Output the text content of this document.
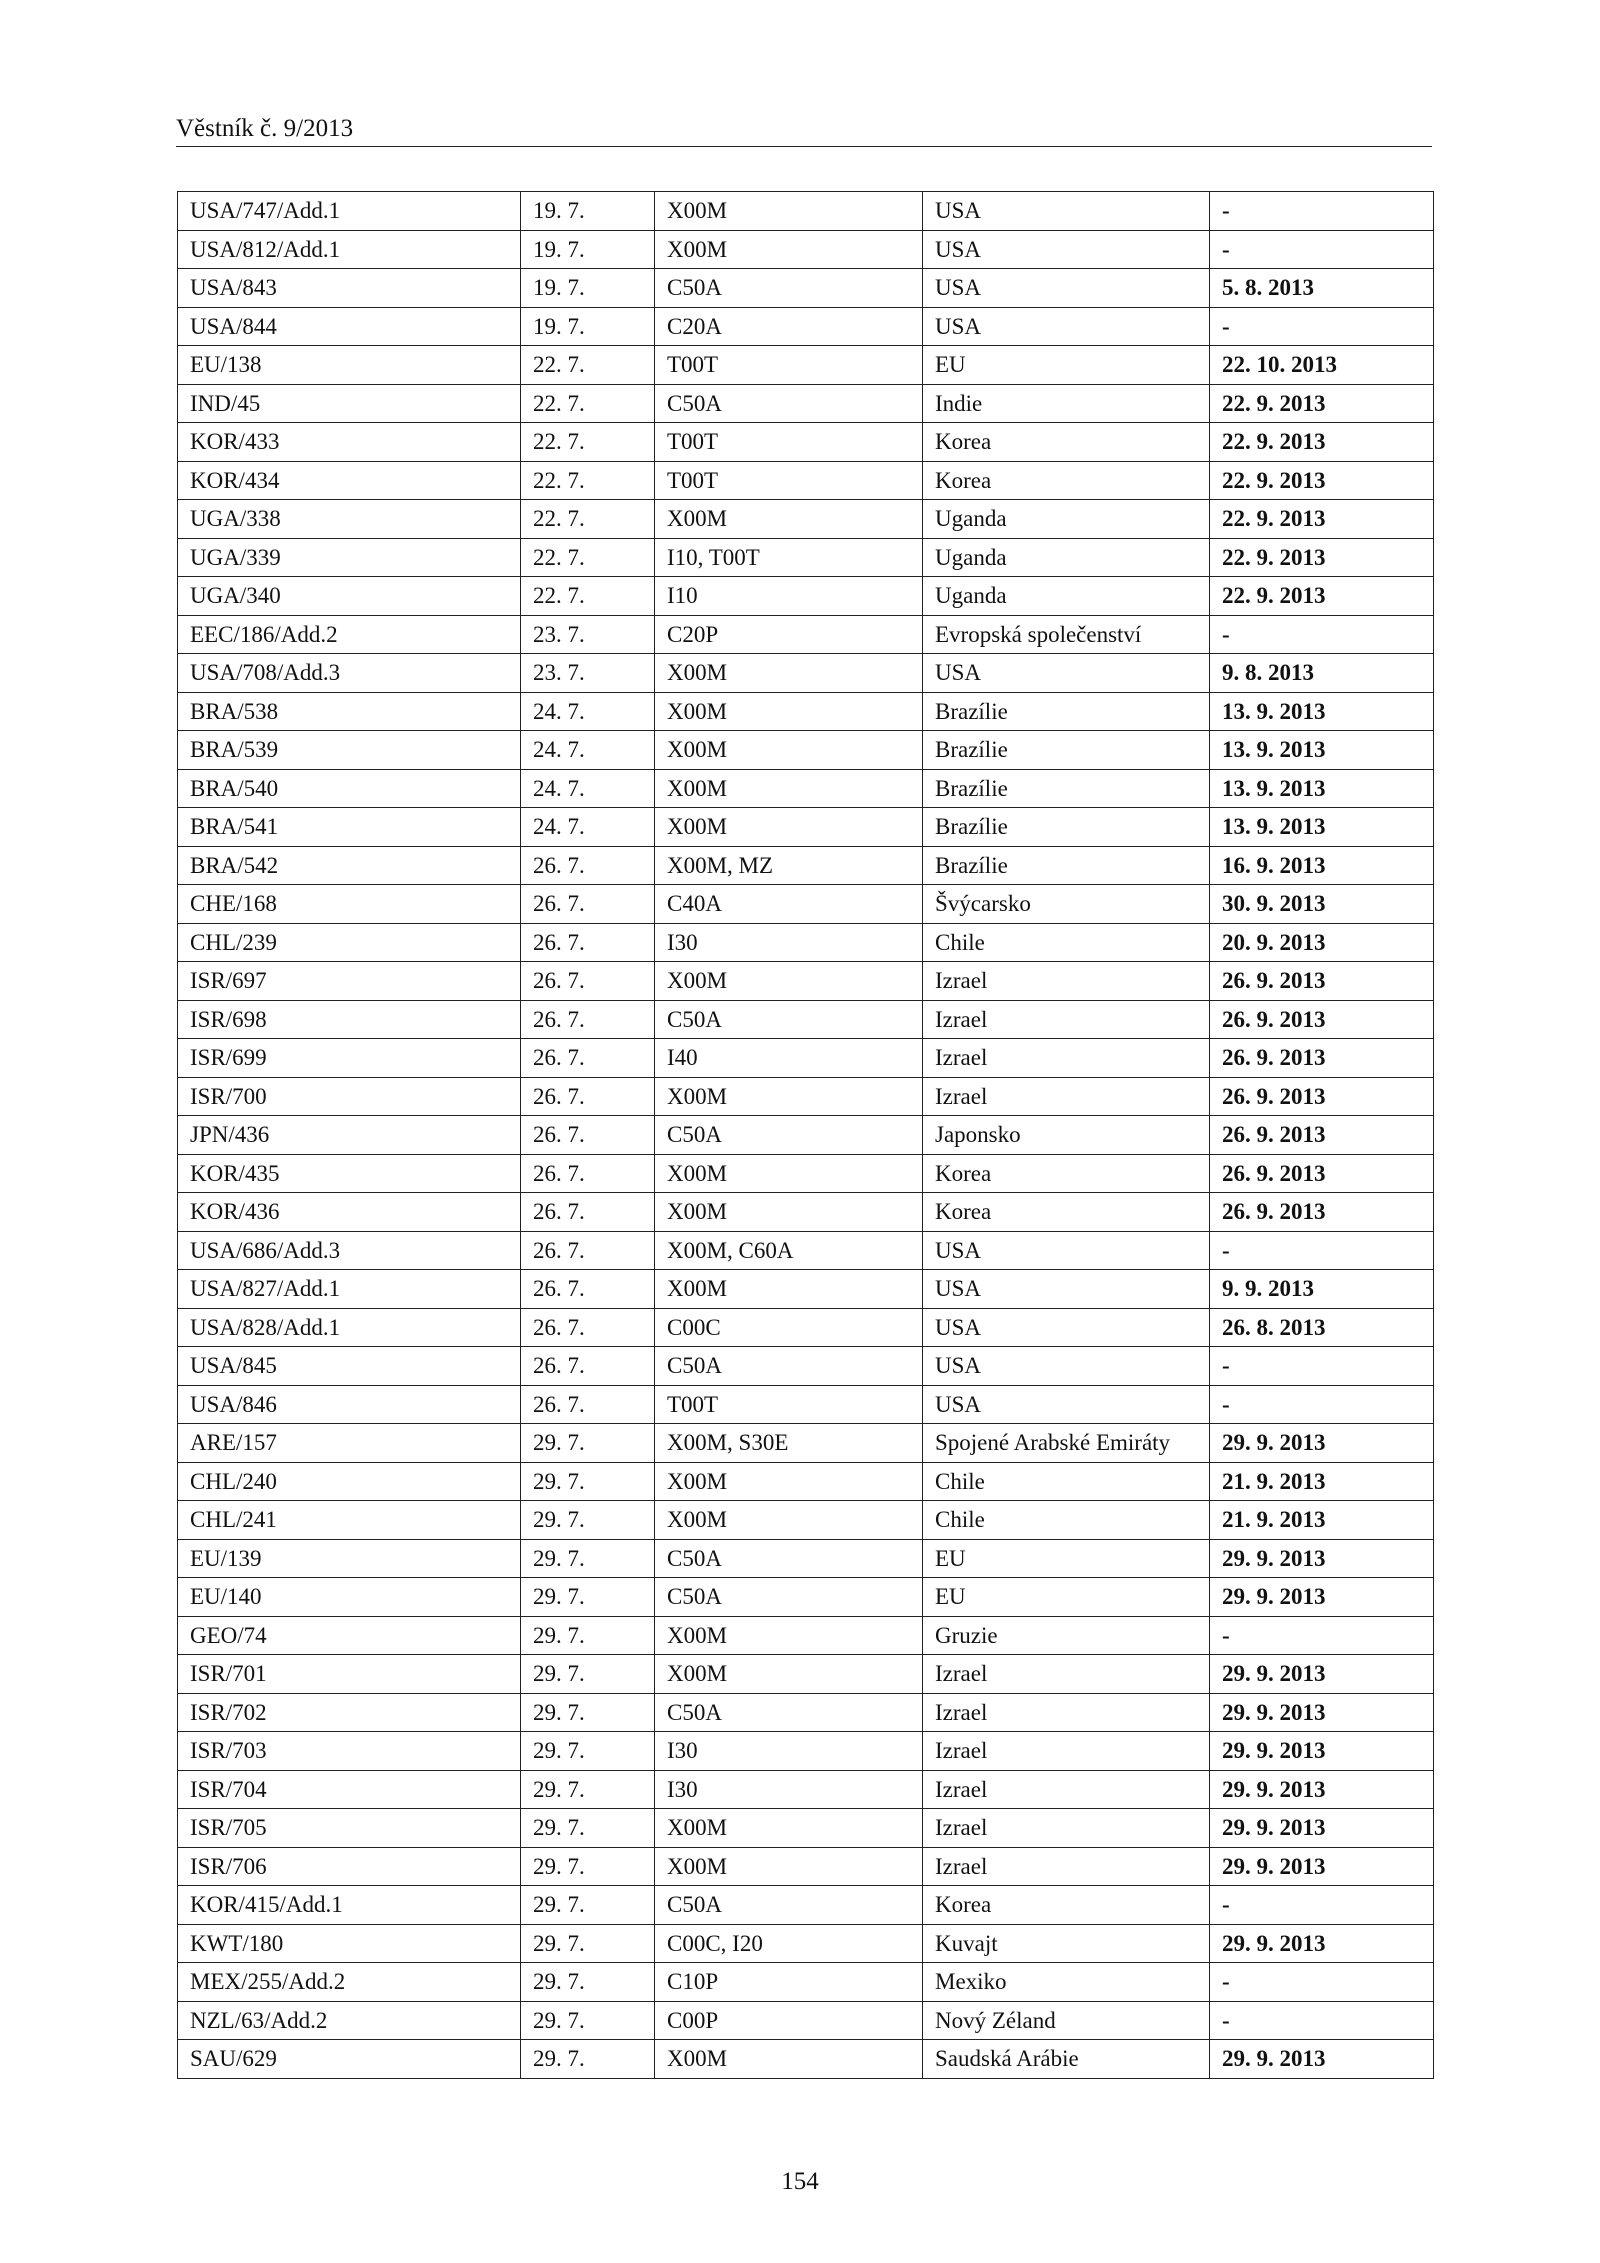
Věstník č. 9/2013
USA/747/Add.1	19. 7.	X00M	USA	-
USA/812/Add.1	19. 7.	X00M	USA	-
USA/843	19. 7.	C50A	USA	5. 8. 2013
USA/844	19. 7.	C20A	USA	-
EU/138	22. 7.	T00T	EU	22. 10. 2013
IND/45	22. 7.	C50A	Indie	22. 9. 2013
KOR/433	22. 7.	T00T	Korea	22. 9. 2013
KOR/434	22. 7.	T00T	Korea	22. 9. 2013
UGA/338	22. 7.	X00M	Uganda	22. 9. 2013
UGA/339	22. 7.	I10, T00T	Uganda	22. 9. 2013
UGA/340	22. 7.	I10	Uganda	22. 9. 2013
EEC/186/Add.2	23. 7.	C20P	Evropská společenství	-
USA/708/Add.3	23. 7.	X00M	USA	9. 8. 2013
BRA/538	24. 7.	X00M	Brazílie	13. 9. 2013
BRA/539	24. 7.	X00M	Brazílie	13. 9. 2013
BRA/540	24. 7.	X00M	Brazílie	13. 9. 2013
BRA/541	24. 7.	X00M	Brazílie	13. 9. 2013
BRA/542	26. 7.	X00M, MZ	Brazílie	16. 9. 2013
CHE/168	26. 7.	C40A	Švýcarsko	30. 9. 2013
CHL/239	26. 7.	I30	Chile	20. 9. 2013
ISR/697	26. 7.	X00M	Izrael	26. 9. 2013
ISR/698	26. 7.	C50A	Izrael	26. 9. 2013
ISR/699	26. 7.	I40	Izrael	26. 9. 2013
ISR/700	26. 7.	X00M	Izrael	26. 9. 2013
JPN/436	26. 7.	C50A	Japonsko	26. 9. 2013
KOR/435	26. 7.	X00M	Korea	26. 9. 2013
KOR/436	26. 7.	X00M	Korea	26. 9. 2013
USA/686/Add.3	26. 7.	X00M, C60A	USA	-
USA/827/Add.1	26. 7.	X00M	USA	9. 9. 2013
USA/828/Add.1	26. 7.	C00C	USA	26. 8. 2013
USA/845	26. 7.	C50A	USA	-
USA/846	26. 7.	T00T	USA	-
ARE/157	29. 7.	X00M, S30E	Spojené Arabské Emiráty	29. 9. 2013
CHL/240	29. 7.	X00M	Chile	21. 9. 2013
CHL/241	29. 7.	X00M	Chile	21. 9. 2013
EU/139	29. 7.	C50A	EU	29. 9. 2013
EU/140	29. 7.	C50A	EU	29. 9. 2013
GEO/74	29. 7.	X00M	Gruzie	-
ISR/701	29. 7.	X00M	Izrael	29. 9. 2013
ISR/702	29. 7.	C50A	Izrael	29. 9. 2013
ISR/703	29. 7.	I30	Izrael	29. 9. 2013
ISR/704	29. 7.	I30	Izrael	29. 9. 2013
ISR/705	29. 7.	X00M	Izrael	29. 9. 2013
ISR/706	29. 7.	X00M	Izrael	29. 9. 2013
KOR/415/Add.1	29. 7.	C50A	Korea	-
KWT/180	29. 7.	C00C, I20	Kuvajt	29. 9. 2013
MEX/255/Add.2	29. 7.	C10P	Mexiko	-
NZL/63/Add.2	29. 7.	C00P	Nový Zéland	-
SAU/629	29. 7.	X00M	Saudská Arábie	29. 9. 2013
154
